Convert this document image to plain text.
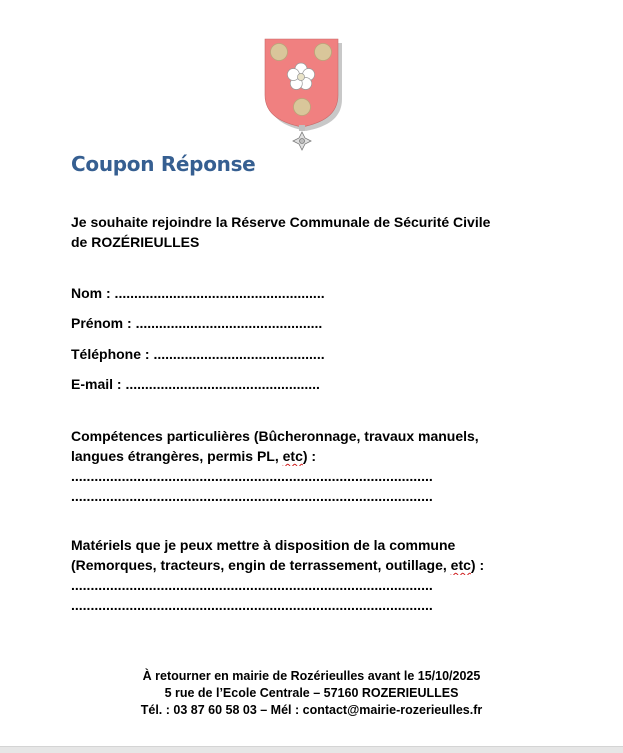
Coupon Réponse
Je souhaite rejoindre la Réserve Communale de Sécurité Civile
de ROZÉRIEULLES
Nom : ......................................................
Prénom : ................................................
Téléphone : ............................................
E-mail : ..................................................
Compétences particulières (Bûcheronnage, travaux manuels,
langues étrangères, permis PL, etc) :
.............................................................................................
.............................................................................................
Matériels que je peux mettre à disposition de la commune
(Remorques, tracteurs, engin de terrassement, outillage, etc) :
.............................................................................................
.............................................................................................
À retourner en mairie de Rozérieulles avant le 15/10/2025
5 rue de l’Ecole Centrale – 57160 ROZERIEULLES
Tél. : 03 87 60 58 03 – Mél : contact@mairie-rozerieulles.fr
